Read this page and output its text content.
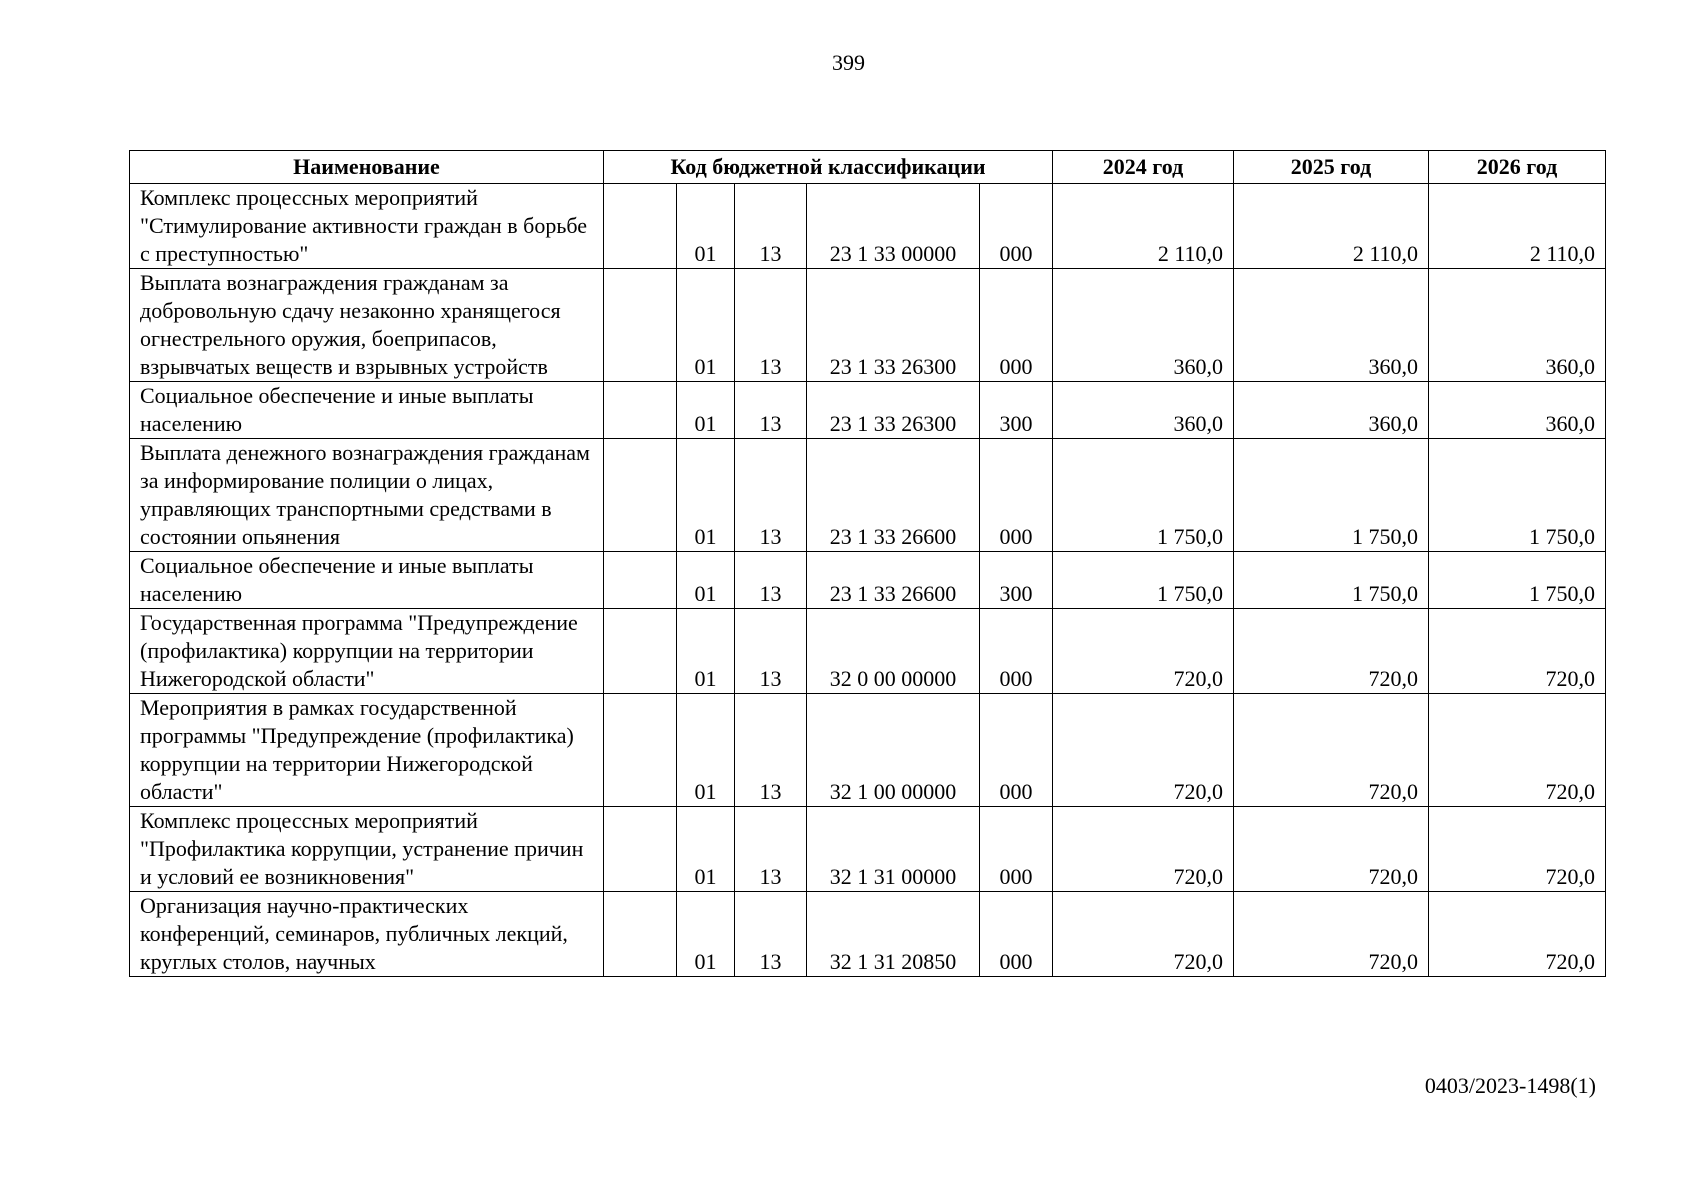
399
Наименование	Код бюджетной классификации					2024 год	2025 год	2026 год
Комплекс процессных мероприятий "Стимулирование активности граждан в борьбе с преступностью"		01	13	23 1 33 00000	000	2 110,0	2 110,0	2 110,0
Выплата вознаграждения гражданам за добровольную сдачу незаконно хранящегося огнестрельного оружия, боеприпасов, взрывчатых веществ и взрывных устройств		01	13	23 1 33 26300	000	360,0	360,0	360,0
Социальное обеспечение и иные выплаты населению		01	13	23 1 33 26300	300	360,0	360,0	360,0
Выплата денежного вознаграждения гражданам за информирование полиции о лицах, управляющих транспортными средствами в состоянии опьянения		01	13	23 1 33 26600	000	1 750,0	1 750,0	1 750,0
Социальное обеспечение и иные выплаты населению		01	13	23 1 33 26600	300	1 750,0	1 750,0	1 750,0
Государственная программа "Предупреждение (профилактика) коррупции на территории Нижегородской области"		01	13	32 0 00 00000	000	720,0	720,0	720,0
Мероприятия в рамках государственной программы "Предупреждение (профилактика) коррупции на территории Нижегородской области"		01	13	32 1 00 00000	000	720,0	720,0	720,0
Комплекс процессных мероприятий "Профилактика коррупции, устранение причин и условий ее возникновения"		01	13	32 1 31 00000	000	720,0	720,0	720,0
Организация научно-практических конференций, семинаров, публичных лекций, круглых столов, научных		01	13	32 1 31 20850	000	720,0	720,0	720,0
0403/2023-1498(1)
